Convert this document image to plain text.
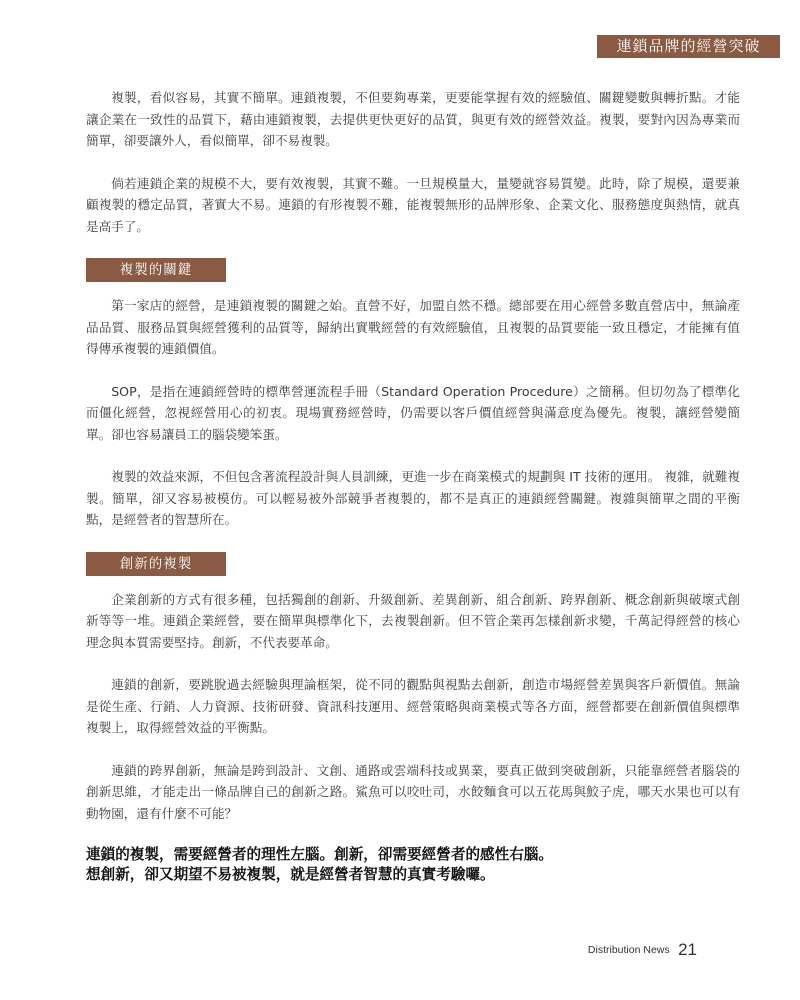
連鎖品牌的經營突破

複製，看似容易，其實不簡單。連鎖複製，不但要夠專業，更要能掌握有效的經驗值、關鍵變數與轉折點。才能讓企業在一致性的品質下，藉由連鎖複製，去提供更快更好的品質，與更有效的經營效益。複製，要對內因為專業而簡單，卻要讓外人，看似簡單，卻不易複製。

倘若連鎖企業的規模不大，要有效複製，其實不難。一旦規模量大，量變就容易質變。此時，除了規模，還要兼顧複製的穩定品質，著實大不易。連鎖的有形複製不難，能複製無形的品牌形象、企業文化、服務態度與熱情，就真是高手了。

複製的關鍵

第一家店的經營，是連鎖複製的關鍵之始。直營不好，加盟自然不穩。總部要在用心經營多數直營店中，無論產品品質、服務品質與經營獲利的品質等，歸納出實戰經營的有效經驗值，且複製的品質要能一致且穩定，才能擁有值得傳承複製的連鎖價值。

SOP，是指在連鎖經營時的標準營運流程手冊（Standard Operation Procedure）之簡稱。但切勿為了標準化而僵化經營，忽視經營用心的初衷。現場實務經營時，仍需要以客戶價值經營與滿意度為優先。複製，讓經營變簡單。卻也容易讓員工的腦袋變笨蛋。

複製的效益來源，不但包含著流程設計與人員訓練，更進一步在商業模式的規劃與 IT 技術的運用。 複雜，就難複製。簡單，卻又容易被模仿。可以輕易被外部競爭者複製的，都不是真正的連鎖經營關鍵。複雜與簡單之間的平衡點，是經營者的智慧所在。

創新的複製

企業創新的方式有很多種，包括獨創的創新、升級創新、差異創新、組合創新、跨界創新、概念創新與破壞式創新等等一堆。連鎖企業經營，要在簡單與標準化下，去複製創新。但不管企業再怎樣創新求變，千萬記得經營的核心理念與本質需要堅持。創新，不代表要革命。

連鎖的創新，要跳脫過去經驗與理論框架，從不同的觀點與視點去創新，創造市場經營差異與客戶新價值。無論是從生產、行銷、人力資源、技術研發、資訊科技運用、經營策略與商業模式等各方面，經營都要在創新價值與標準複製上，取得經營效益的平衡點。

連鎖的跨界創新，無論是跨到設計、文創、通路或雲端科技或異業，要真正做到突破創新，只能靠經營者腦袋的創新思維，才能走出一條品牌自己的創新之路。鯊魚可以咬吐司，水餃麵食可以五花馬與鮫子虎，哪天水果也可以有動物園，還有什麼不可能？

連鎖的複製，需要經營者的理性左腦。創新，卻需要經營者的感性右腦。
想創新，卻又期望不易被複製，就是經營者智慧的真實考驗囉。
Distribution News 21
